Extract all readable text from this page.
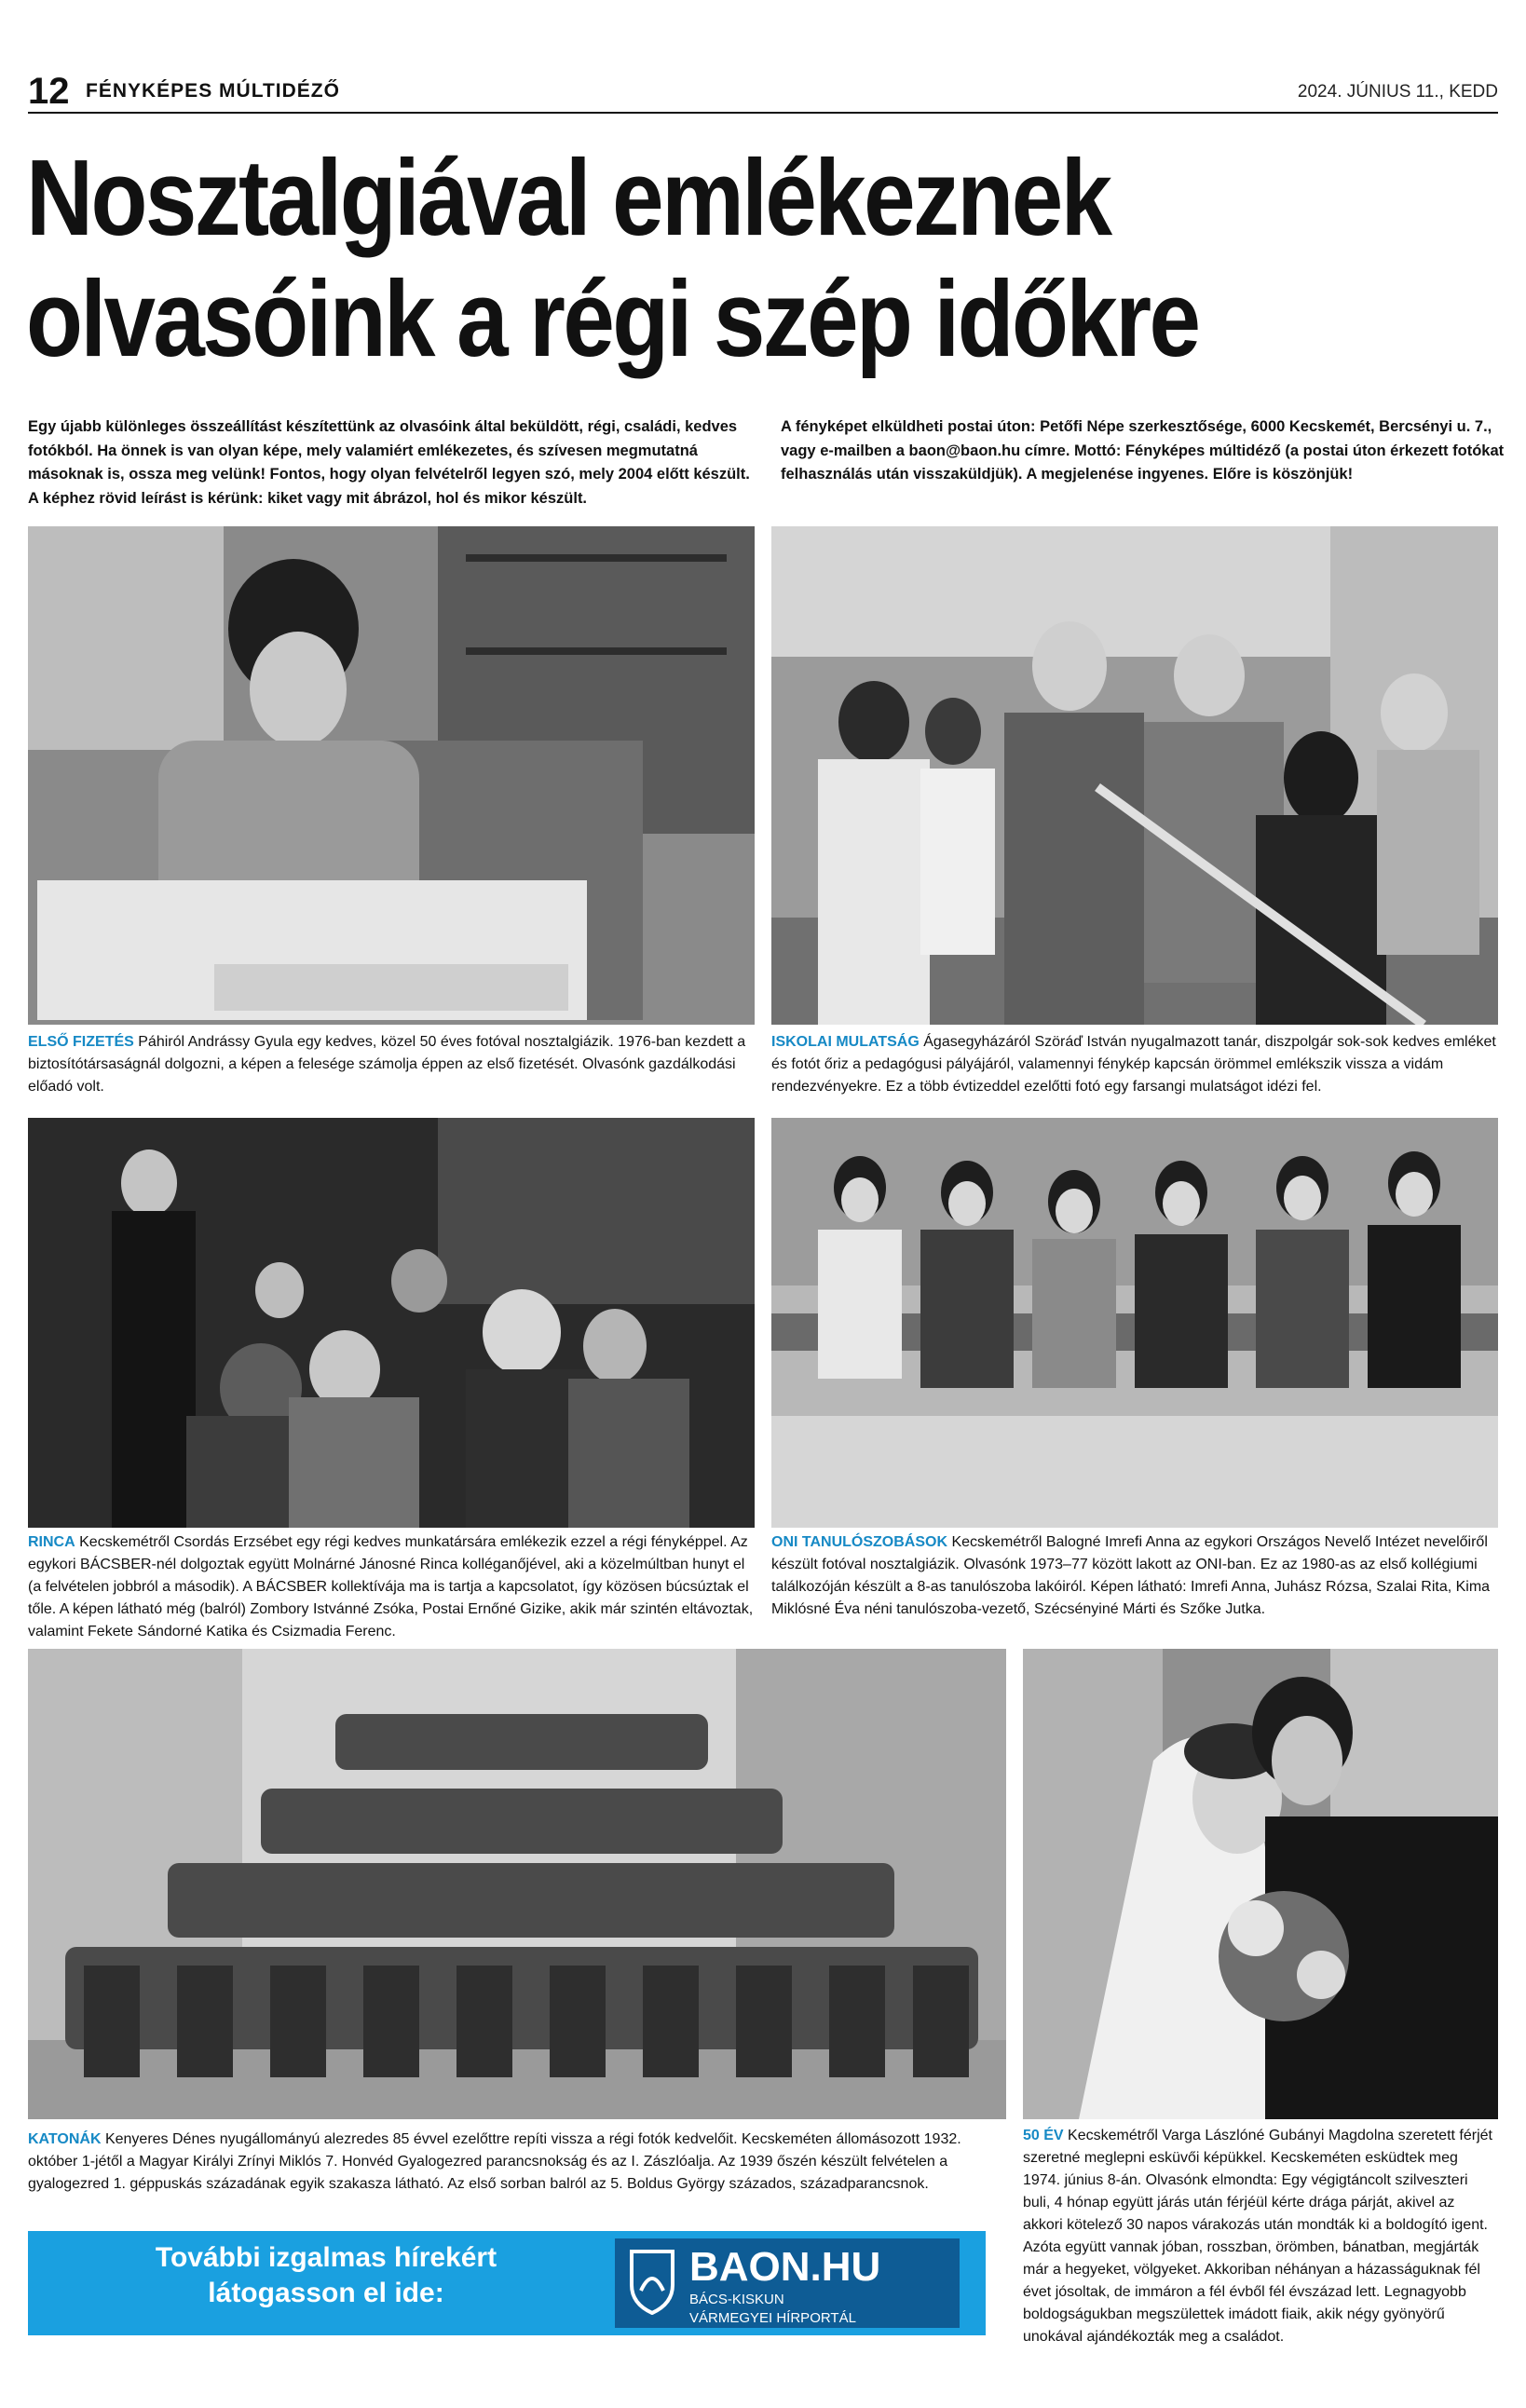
12 FÉNYKÉPES MÚLTIDÉZŐ	2024. JÚNIUS 11., KEDD
Nosztalgiával emlékeznek
olvasóink a régi szép időkre

Egy újabb különleges összeállítást készítettünk az olvasóink által beküldött, régi, családi, kedves fotókból. Ha önnek is van olyan képe, mely valamiért emlékezetes, és szívesen megmutatná másoknak is, ossza meg velünk! Fontos, hogy olyan felvételről legyen szó, mely 2004 előtt készült. A képhez rövid leírást is kérünk: kiket vagy mit ábrázol, hol és mikor készült.

A fényképet elküldheti postai úton: Petőfi Népe szerkesztősége, 6000 Kecskemét, Bercsényi u. 7., vagy e-mailben a baon@baon.hu címre. Mottó: Fényképes múltidéző (a postai úton érkezett fotókat felhasználás után visszaküldjük). A megjelenése ingyenes. Előre is köszönjük!

ELSŐ FIZETÉS Páhiról Andrássy Gyula egy kedves, közel 50 éves fotóval nosztalgiázik. 1976-ban kezdett a biztosítótársaságnál dolgozni, a képen a felesége számolja éppen az első fizetését. Olvasónk gazdálkodási előadó volt.
ISKOLAI MULATSÁG Ágasegyházáról Szöráď István nyugalmazott tanár, diszpolgár sok-sok kedves emléket és fotót őriz a pedagógusi pályájáról, valamennyi fénykép kapcsán örömmel emlékszik vissza a vidám rendezvényekre. Ez a több évtizeddel ezelőtti fotó egy farsangi mulatságot idézi fel.
RINCA Kecskemétről Csordás Erzsébet egy régi kedves munkatársára emlékezik ezzel a régi fényképpel. Az egykori BÁCSBER-nél dolgoztak együtt Molnárné Jánosné Rinca kolléganőjével, aki a közelmúltban hunyt el (a felvételen jobbról a második). A BÁCSBER kollektívája ma is tartja a kapcsolatot, így közösen búcsúztak el tőle. A képen látható még (balról) Zombory Istvánné Zsóka, Postai Ernőné Gizike, akik már szintén eltávoztak, valamint Fekete Sándorné Katika és Csizmadia Ferenc.
ONI TANULÓSZOBÁSOK Kecskemétről Balogné Imrefi Anna az egykori Országos Nevelő Intézet nevelőiről készült fotóval nosztalgiázik. Olvasónk 1973–77 között lakott az ONI-ban. Ez az 1980-as az első kollégiumi találkozóján készült a 8-as tanulószoba lakóiról. Képen látható: Imrefi Anna, Juhász Rózsa, Szalai Rita, Kima Miklósné Éva néni tanulószoba-vezető, Szécsényiné Márti és Szőke Jutka.
KATONÁK Kenyeres Dénes nyugállományú alezredes 85 évvel ezelőttre repíti vissza a régi fotók kedvelőit. Kecskeméten állomásozott 1932. október 1-jétől a Magyar Királyi Zrínyi Miklós 7. Honvéd Gyalogezred parancsnokság és az I. Zászlóalja. Az 1939 őszén készült felvételen a gyalogezred 1. géppuskás századának egyik szakasza látható. Az első sorban balról az 5. Boldus György százados, századparancsnok.
50 ÉV Kecskemétről Varga Lászlóné Gubányi Magdolna szeretett férjét szeretné meglepni esküvői képükkel. Kecskeméten esküdtek meg 1974. június 8-án. Olvasónk elmondta: Egy végigtáncolt szilveszteri buli, 4 hónap együtt járás után férjéül kérte drága párját, akivel az akkori kötelező 30 napos várakozás után mondták ki a boldogító igent. Azóta együtt vannak jóban, rosszban, örömben, bánatban, megjárták már a hegyeket, völgyeket. Akkoriban néhányan a házasságuknak fél évet jósoltak, de immáron a fél évből fél évszázad lett. Legnagyobb boldogságukban megszülettek imádott fiaik, akik négy gyönyörű unokával ajándékozták meg a családot.
További izgalmas hírekért
látogasson el ide:
BAON.HU
BÁCS-KISKUN
VÁRMEGYEI HÍRPORTÁL
